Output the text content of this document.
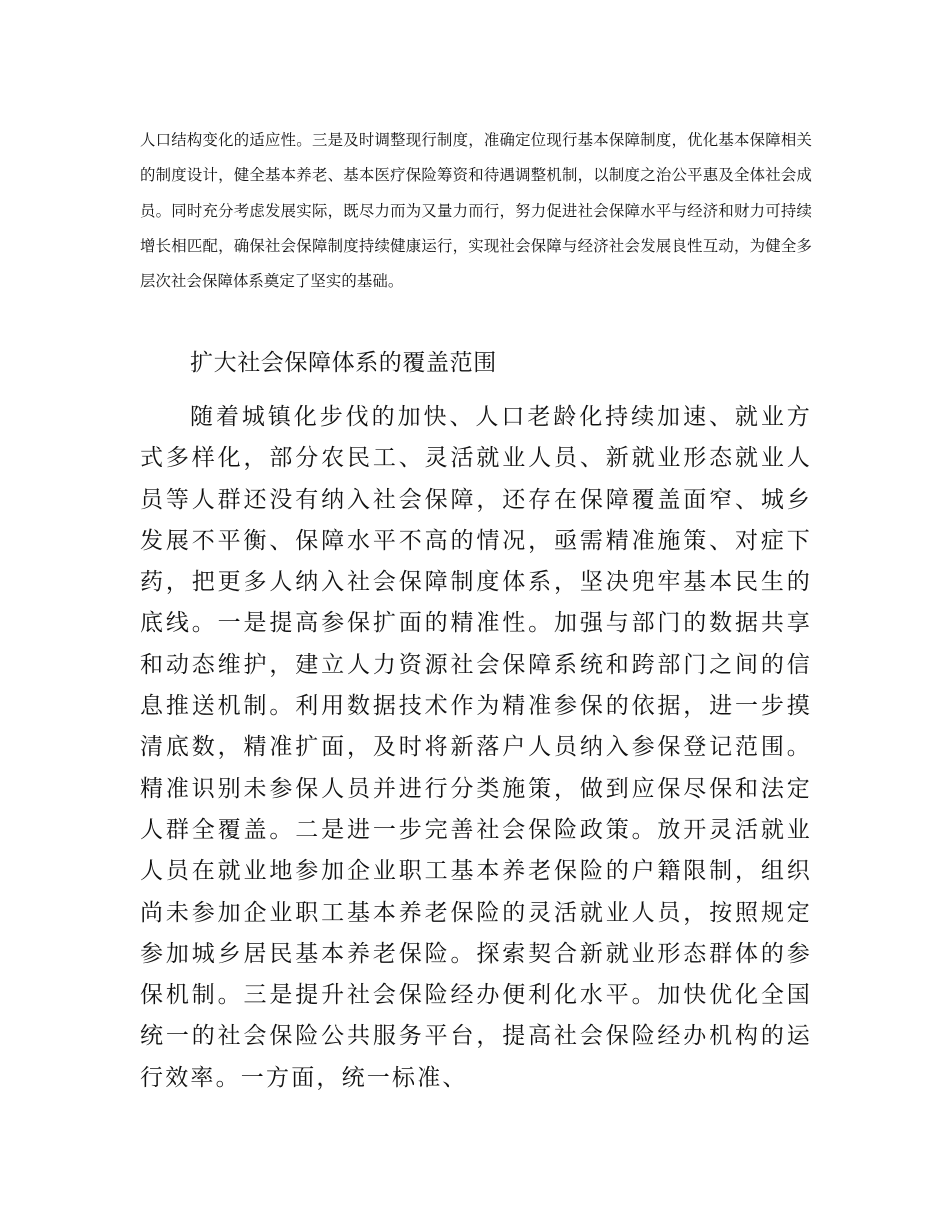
人口结构变化的适应性。三是及时调整现行制度，准确定位现行基本保障制度，优化基本保障相关的制度设计，健全基本养老、基本医疗保险筹资和待遇调整机制，以制度之治公平惠及全体社会成员。同时充分考虑发展实际，既尽力而为又量力而行，努力促进社会保障水平与经济和财力可持续增长相匹配，确保社会保障制度持续健康运行，实现社会保障与经济社会发展良性互动，为健全多层次社会保障体系奠定了坚实的基础。

扩大社会保障体系的覆盖范围

随着城镇化步伐的加快、人口老龄化持续加速、就业方式多样化，部分农民工、灵活就业人员、新就业形态就业人员等人群还没有纳入社会保障，还存在保障覆盖面窄、城乡发展不平衡、保障水平不高的情况，亟需精准施策、对症下药，把更多人纳入社会保障制度体系，坚决兜牢基本民生的底线。一是提高参保扩面的精准性。加强与部门的数据共享和动态维护，建立人力资源社会保障系统和跨部门之间的信息推送机制。利用数据技术作为精准参保的依据，进一步摸清底数，精准扩面，及时将新落户人员纳入参保登记范围。精准识别未参保人员并进行分类施策，做到应保尽保和法定人群全覆盖。二是进一步完善社会保险政策。放开灵活就业人员在就业地参加企业职工基本养老保险的户籍限制，组织尚未参加企业职工基本养老保险的灵活就业人员，按照规定参加城乡居民基本养老保险。探索契合新就业形态群体的参保机制。三是提升社会保险经办便利化水平。加快优化全国统一的社会保险公共服务平台，提高社会保险经办机构的运行效率。一方面，统一标准、
